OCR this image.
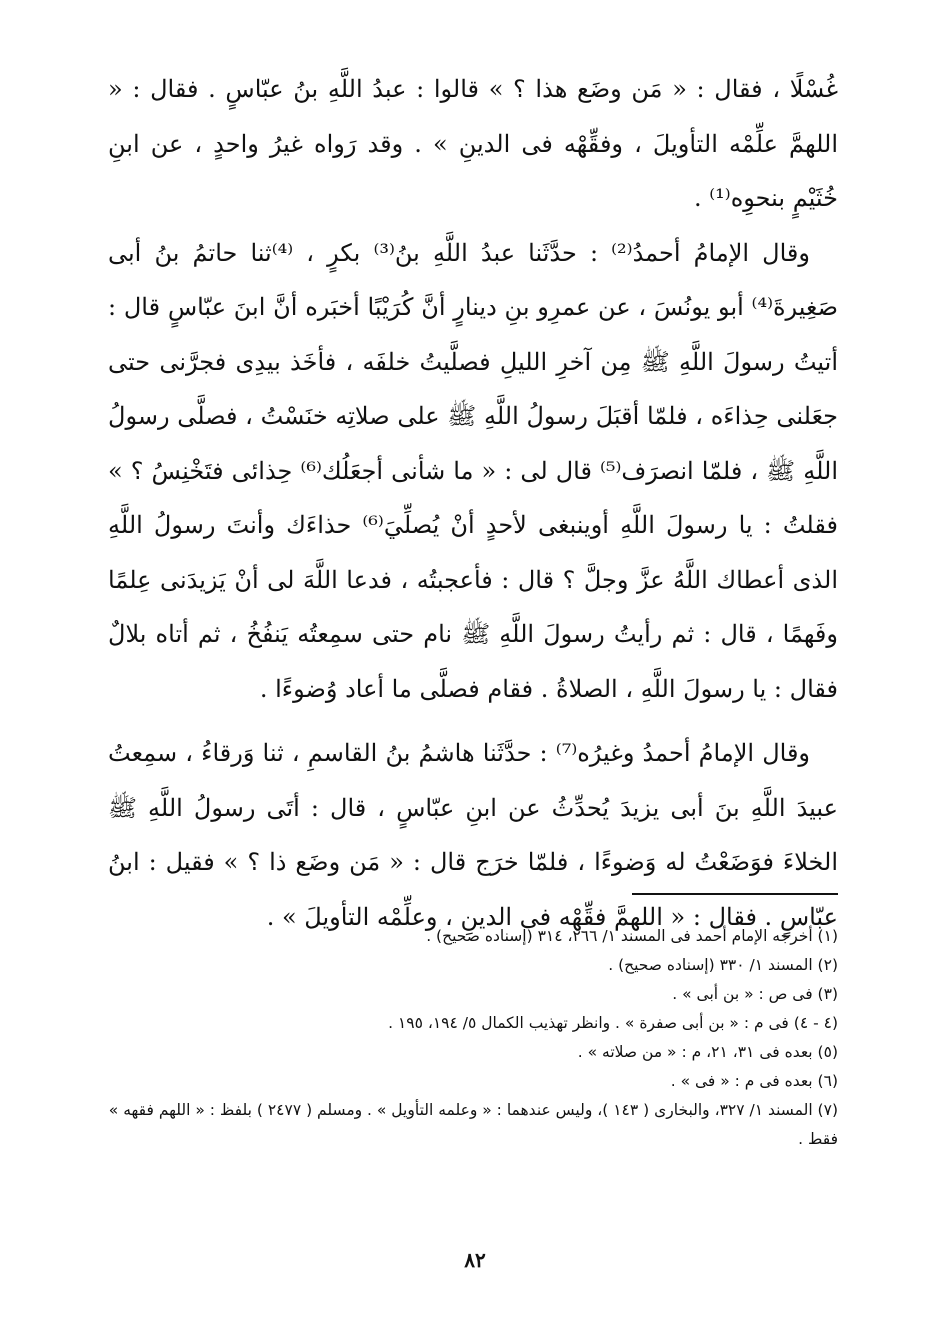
غُسْلًا ، فقال : « مَن وضَع هذا ؟ » قالوا : عبدُ اللَّهِ بنُ عبّاسٍ . فقال : « اللهمَّ علِّمْه التأويلَ ، وفقِّهْه فى الدينِ » . وقد رَواه غيرُ واحدٍ ، عن ابنِ خُثَيْمٍ بنحوِه⁽¹⁾ .

وقال الإمامُ أحمدُ⁽²⁾ : حدَّثَنا عبدُ اللَّهِ بنُ⁽³⁾ بكرٍ ، ⁽⁴⁾ثنا حاتمُ بنُ أبى صَغِيرةَ⁽⁴⁾ أبو يونُسَ ، عن عمرِو بنِ دينارٍ أنَّ كُرَيْبًا أخبَره أنَّ ابنَ عبّاسٍ قال : أتيتُ رسولَ اللَّهِ ﷺ مِن آخرِ الليلِ فصلَّيتُ خلفَه ، فأخَذ بيدِى فجرَّنى حتى جعَلنى حِذاءَه ، فلمّا أقبَلَ رسولُ اللَّهِ ﷺ على صلاتِه خنَسْتُ ، فصلَّى رسولُ اللَّهِ ﷺ ، فلمّا انصرَف⁽⁵⁾ قال لى : « ما شأنى أجعَلُك⁽⁶⁾ حِذائى فتَخْنِسُ ؟ » فقلتُ : يا رسولَ اللَّهِ أوينبغى لأحدٍ أنْ يُصلِّيَ⁽⁶⁾ حذاءَك وأنتَ رسولُ اللَّهِ الذى أعطاك اللَّهُ عزَّ وجلَّ ؟ قال : فأعجبتُه ، فدعا اللَّهَ لى أنْ يَزيدَنى عِلمًا وفَهمًا ، قال : ثم رأيتُ رسولَ اللَّهِ ﷺ نام حتى سمِعتُه يَنفُخُ ، ثم أتاه بلالٌ فقال : يا رسولَ اللَّهِ ، الصلاةُ . فقام فصلَّى ما أعاد وُضوءًا .

وقال الإمامُ أحمدُ وغيرُه⁽⁷⁾ : حدَّثَنا هاشمُ بنُ القاسمِ ، ثنا وَرقاءُ ، سمِعتُ عبيدَ اللَّهِ بنَ أبى يزيدَ يُحدِّثُ عن ابنِ عبّاسٍ ، قال : أتَى رسولُ اللَّهِ ﷺ الخلاءَ فوَضَعْتُ له وَضوءًا ، فلمّا خرَج قال : « مَن وضَع ذا ؟ » فقيل : ابنُ عبّاسٍ . فقال : « اللهمَّ فقِّهْه فى الدينِ ، وعلِّمْه التأويلَ » .

(١) أخرجه الإمام أحمد فى المسند ١/ ٢٦٦، ٣١٤ (إسناده صحيح) .

(٢) المسند ١/ ٣٣٠ (إسناده صحيح) .

(٣) فى ص : « بن أبى » .

(٤ - ٤) فى م : « بن أبى صفرة » . وانظر تهذيب الكمال ٥/ ١٩٤، ١٩٥ .

(٥) بعده فى ٣١، ٢١، م : « من صلاته » .

(٦) بعده فى م : « فى » .

(٧) المسند ١/ ٣٢٧، والبخارى ( ١٤٣ )، وليس عندهما : « وعلمه التأويل » . ومسلم ( ٢٤٧٧ ) بلفظ : « اللهم فقهه » فقط .

٨٢
